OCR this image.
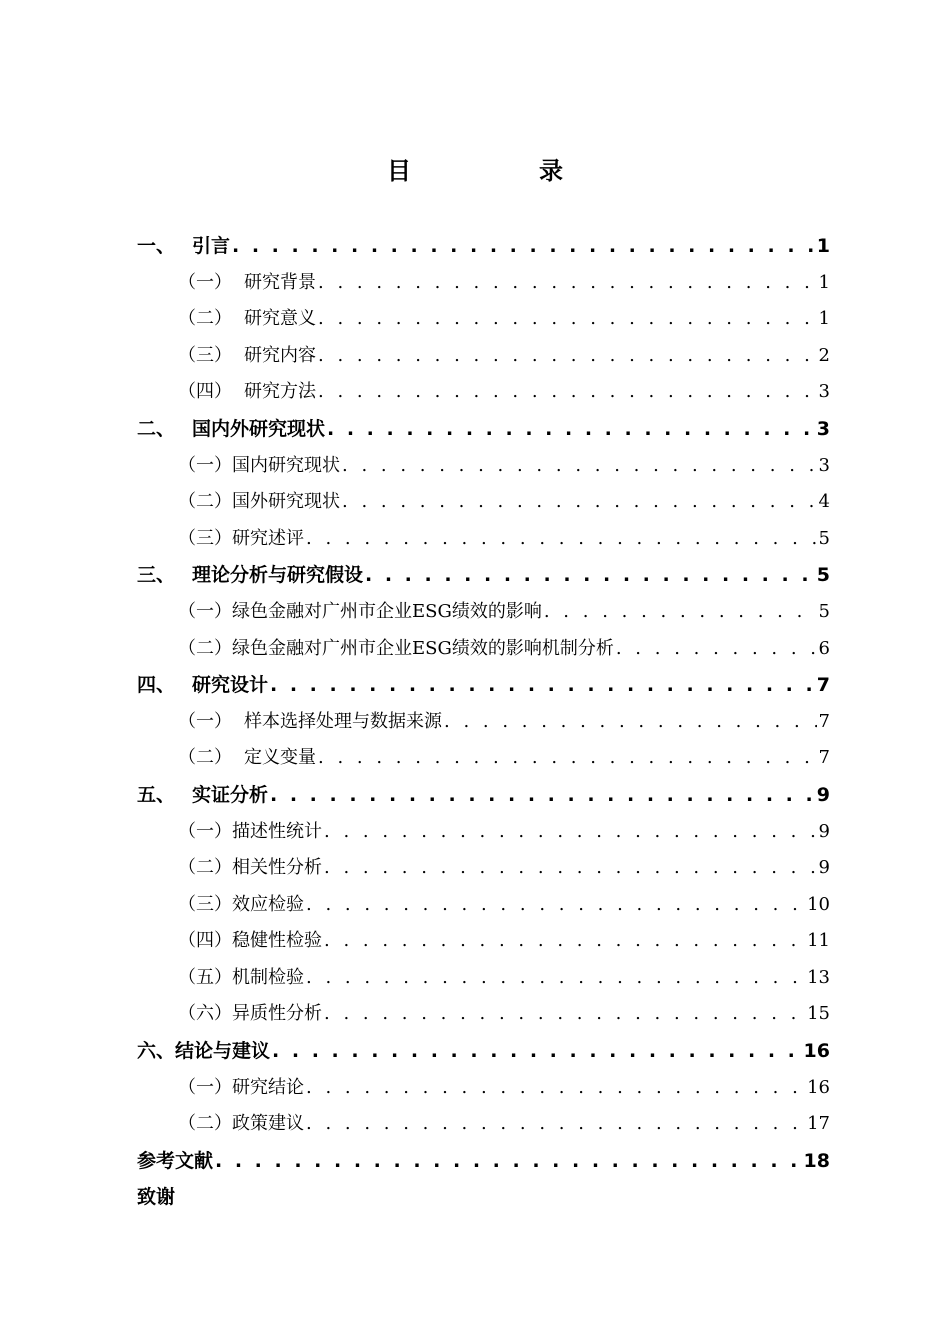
目　录
一、 引言 . . .	1
（一） 研究背景 . . .	1
（二） 研究意义 . . .	1
（三） 研究内容 . . .	2
（四） 研究方法 . . .	3
二、 国内外研究现状 . . .	3
（一） 国内研究现状 . . .	3
（二） 国外研究现状 . . .	4
（三） 研究述评 . . .	5
三、 理论分析与研究假设 . . .	5
（一） 绿色金融对广州市企业ESG绩效的影响 . . .	5
（二） 绿色金融对广州市企业ESG绩效的影响机制分析 . . .	6
四、 研究设计 . . .	7
（一） 样本选择处理与数据来源 . . .	7
（二） 定义变量 . . .	7
五、 实证分析 . . .	9
（一） 描述性统计 . . .	9
（二） 相关性分析 . . .	9
（三） 效应检验 . . .	10
（四） 稳健性检验 . . .	11
（五） 机制检验 . . .	13
（六） 异质性分析 . . .	15
六、 结论与建议 . . .	16
（一） 研究结论 . . .	16
（二） 政策建议 . . .	17
参考文献 . . .	18
致谢
